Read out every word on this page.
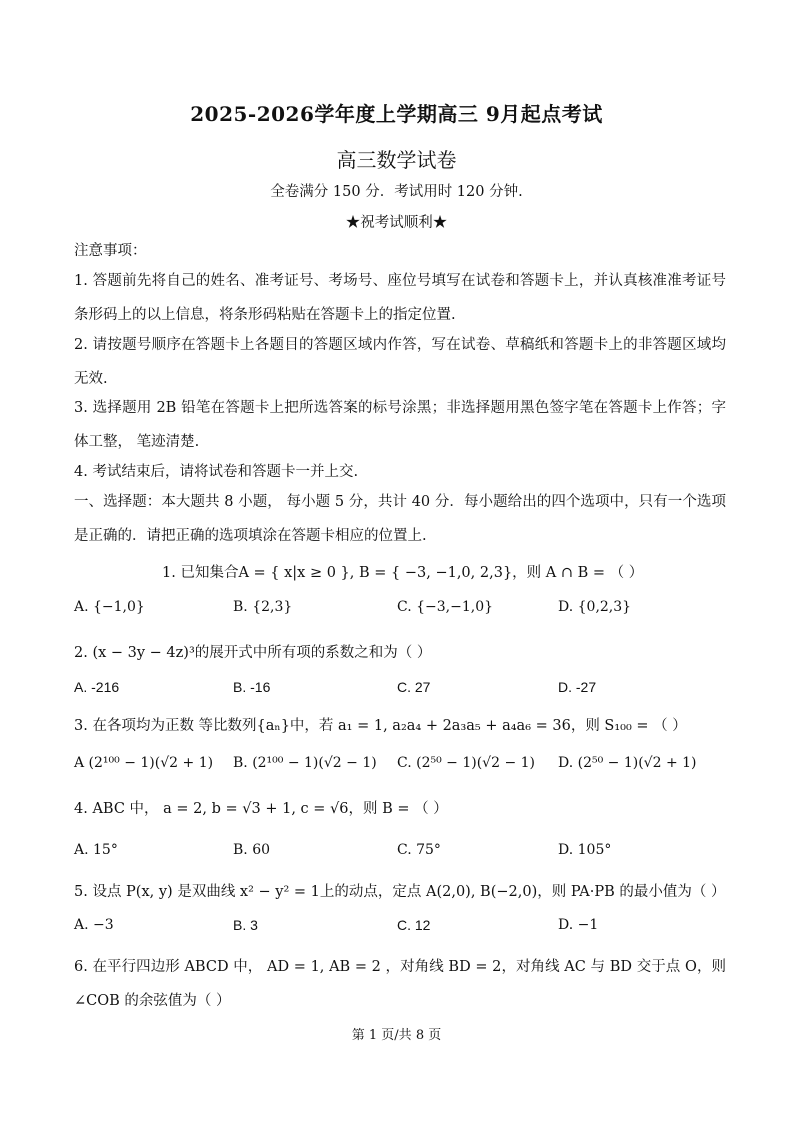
2025-2026学年度上学期高三 9月起点考试
高三数学试卷
全卷满分 150 分．考试用时 120 分钟.
★祝考试顺利★
注意事项：
1. 答题前先将自己的姓名、准考证号、考场号、座位号填写在试卷和答题卡上，并认真核准准考证号条形码上的以上信息，将条形码粘贴在答题卡上的指定位置.
2. 请按题号顺序在答题卡上各题目的答题区域内作答，写在试卷、草稿纸和答题卡上的非答题区域均无效.
3. 选择题用 2B 铅笔在答题卡上把所选答案的标号涂黑；非选择题用黑色签字笔在答题卡上作答；字体工整， 笔迹清楚.
4. 考试结束后，请将试卷和答题卡一并上交.
一、选择题：本大题共 8 小题， 每小题 5 分，共计 40 分．每小题给出的四个选项中，只有一个选项是正确的．请把正确的选项填涂在答题卡相应的位置上.
1. 已知集合A = { x|x ≥ 0 }, B = { −3, −1,0, 2,3}，则 A ∩ B = （ ）
A. {−1,0}	B. {2,3}	C. {−3,−1,0}	D. {0,2,3}
2. (x − 3y − 4z)³的展开式中所有项的系数之和为（ ）
A. -216	B. -16	C. 27	D. -27
3. 在各项均为正数 等比数列{aₙ}中，若 a₁ = 1, a₂a₄ + 2a₃a₅ + a₄a₆ = 36，则 S₁₀₀ = （ ）
A (2¹⁰⁰ − 1)(√2 + 1) B. (2¹⁰⁰ − 1)(√2 − 1) C. (2⁵⁰ − 1)(√2 − 1) D. (2⁵⁰ − 1)(√2 + 1)
4. ABC 中， a = 2, b = √3 + 1, c = √6，则 B = （ ）
A. 15°	B. 60	C. 75°	D. 105°
5. 设点 P(x, y) 是双曲线 x² − y² = 1上的动点，定点 A(2,0), B(−2,0)，则 PA·PB 的最小值为（ ）
A. −3	B. 3	C. 12	D. −1
6. 在平行四边形 ABCD 中， AD = 1, AB = 2 ，对角线 BD = 2，对角线 AC 与 BD 交于点 O，则 ∠COB 的余弦值为（ ）
第 1 页/共 8 页
